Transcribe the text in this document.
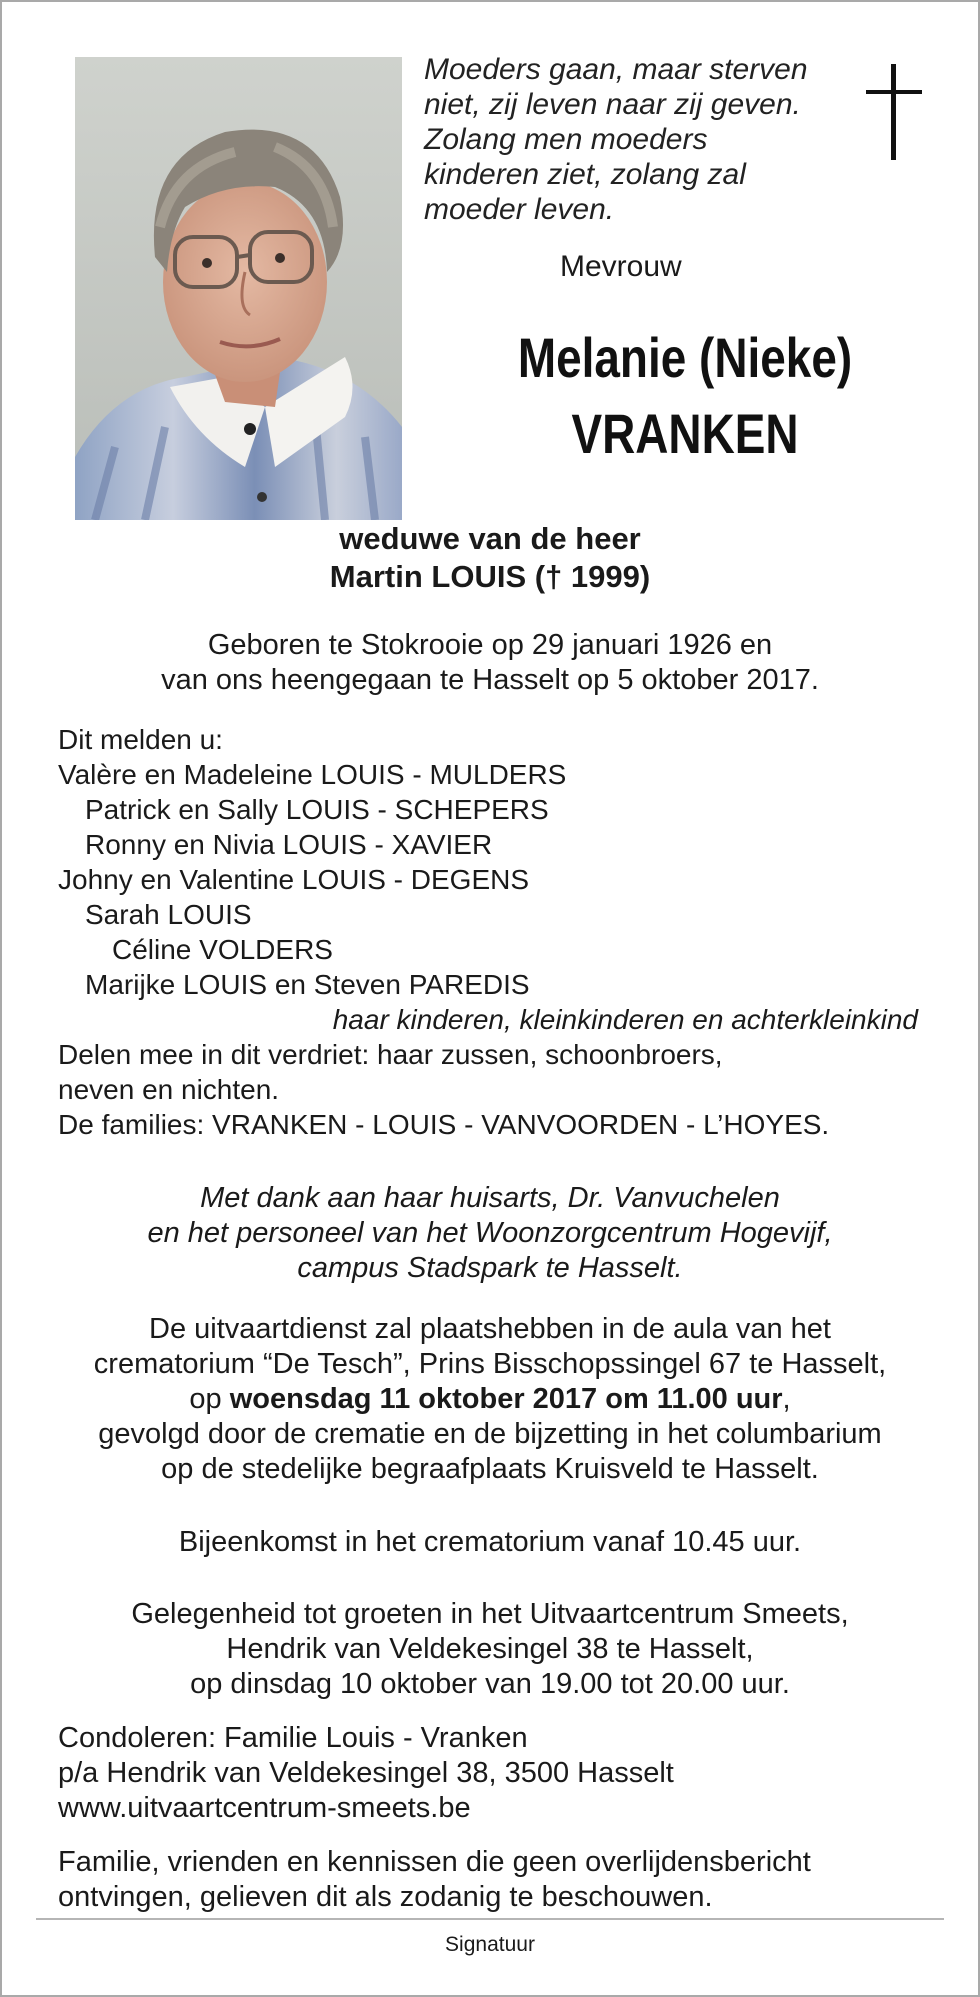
Moeders gaan, maar sterven
niet, zij leven naar zij geven.
Zolang men moeders
kinderen ziet, zolang zal
moeder leven.
Mevrouw
Melanie (Nieke)
VRANKEN
weduwe van de heer
Martin LOUIS († 1999)
Geboren te Stokrooie op 29 januari 1926 en
van ons heengegaan te Hasselt op 5 oktober 2017.
Dit melden u:
Valère en Madeleine LOUIS - MULDERS
Patrick en Sally LOUIS - SCHEPERS
Ronny en Nivia LOUIS - XAVIER
Johny en Valentine LOUIS - DEGENS
Sarah LOUIS
Céline VOLDERS
Marijke LOUIS en Steven PAREDIS
haar kinderen, kleinkinderen en achterkleinkind
Delen mee in dit verdriet: haar zussen, schoonbroers,
neven en nichten.
De families: VRANKEN - LOUIS - VANVOORDEN - L’HOYES.
Met dank aan haar huisarts, Dr. Vanvuchelen
en het personeel van het Woonzorgcentrum Hogevijf,
campus Stadspark te Hasselt.
De uitvaartdienst zal plaatshebben in de aula van het
crematorium “De Tesch”, Prins Bisschopssingel 67 te Hasselt,
op woensdag 11 oktober 2017 om 11.00 uur,
gevolgd door de crematie en de bijzetting in het columbarium
op de stedelijke begraafplaats Kruisveld te Hasselt.
Bijeenkomst in het crematorium vanaf 10.45 uur.
Gelegenheid tot groeten in het Uitvaartcentrum Smeets,
Hendrik van Veldekesingel 38 te Hasselt,
op dinsdag 10 oktober van 19.00 tot 20.00 uur.
Condoleren: Familie Louis - Vranken
p/a Hendrik van Veldekesingel 38, 3500 Hasselt
www.uitvaartcentrum-smeets.be
Familie, vrienden en kennissen die geen overlijdensbericht
ontvingen, gelieven dit als zodanig te beschouwen.
Signatuur
